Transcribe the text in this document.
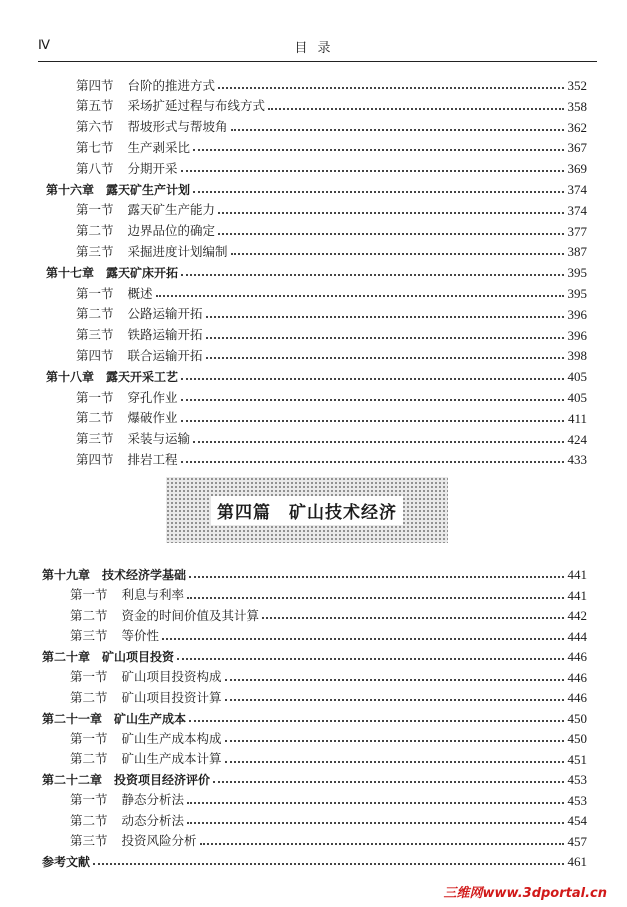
Ⅳ	目录
第四节 台阶的推进方式	352
第五节 采场扩延过程与布线方式	358
第六节 帮坡形式与帮坡角	362
第七节 生产剥采比	367
第八节 分期开采	369
第十六章 露天矿生产计划	374
第一节 露天矿生产能力	374
第二节 边界品位的确定	377
第三节 采掘进度计划编制	387
第十七章 露天矿床开拓	395
第一节 概述	395
第二节 公路运输开拓	396
第三节 铁路运输开拓	396
第四节 联合运输开拓	398
第十八章 露天开采工艺	405
第一节 穿孔作业	405
第二节 爆破作业	411
第三节 采装与运输	424
第四节 排岩工程	433
第四篇　矿山技术经济
第十九章 技术经济学基础	441
第一节 利息与利率	441
第二节 资金的时间价值及其计算	442
第三节 等价性	444
第二十章 矿山项目投资	446
第一节 矿山项目投资构成	446
第二节 矿山项目投资计算	446
第二十一章 矿山生产成本	450
第一节 矿山生产成本构成	450
第二节 矿山生产成本计算	451
第二十二章 投资项目经济评价	453
第一节 静态分析法	453
第二节 动态分析法	454
第三节 投资风险分析	457
参考文献	461
三维网www.3dportal.cn
